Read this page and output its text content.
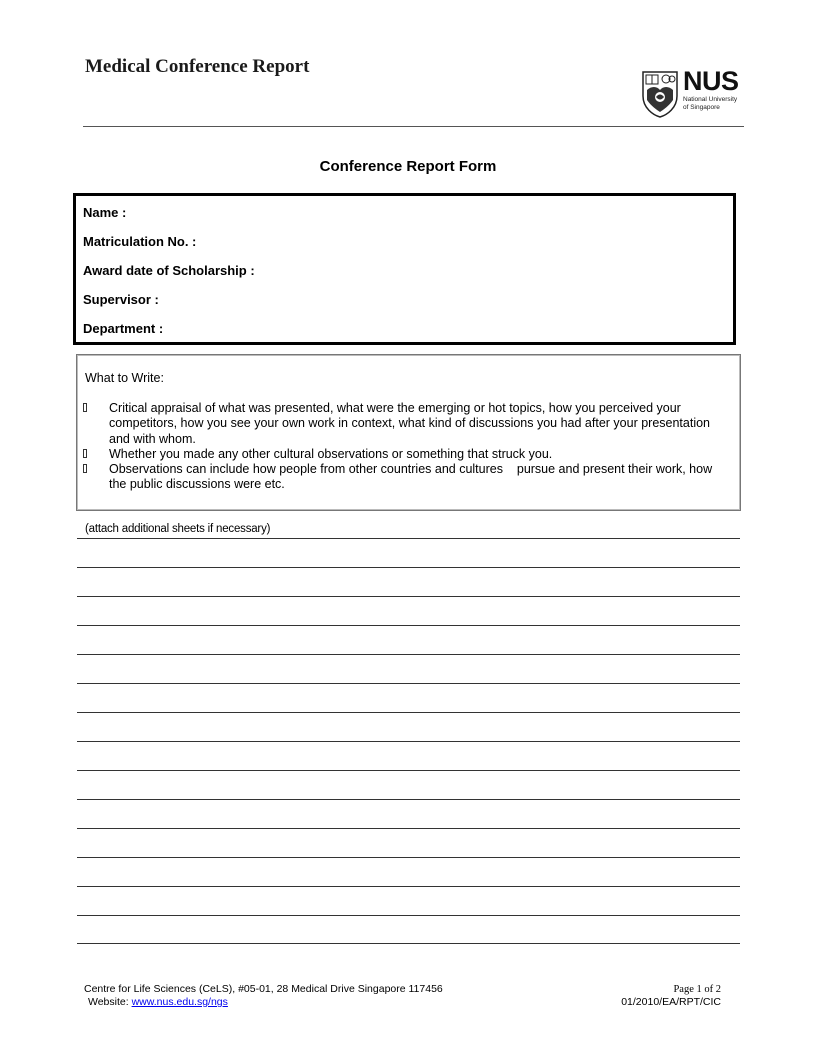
Medical Conference Report	NUS
National University
of Singapore
Conference Report Form
Name :
Matriculation No. :
Award date of Scholarship :
Supervisor :
Department :
What to Write:
Critical appraisal of what was presented, what were the emerging or hot topics, how you perceived your competitors, how you see your own work in context, what kind of discussions you had after your presentation and with whom.
Whether you made any other cultural observations or something that struck you.
Observations can include how people from other countries and cultures    pursue and present their work, how the public discussions were etc.
(attach additional sheets if necessary)
Centre for Life Sciences (CeLS), #05-01, 28 Medical Drive Singapore 117456
Website: www.nus.edu.sg/ngs
Page 1 of 2
01/2010/EA/RPT/CIC
